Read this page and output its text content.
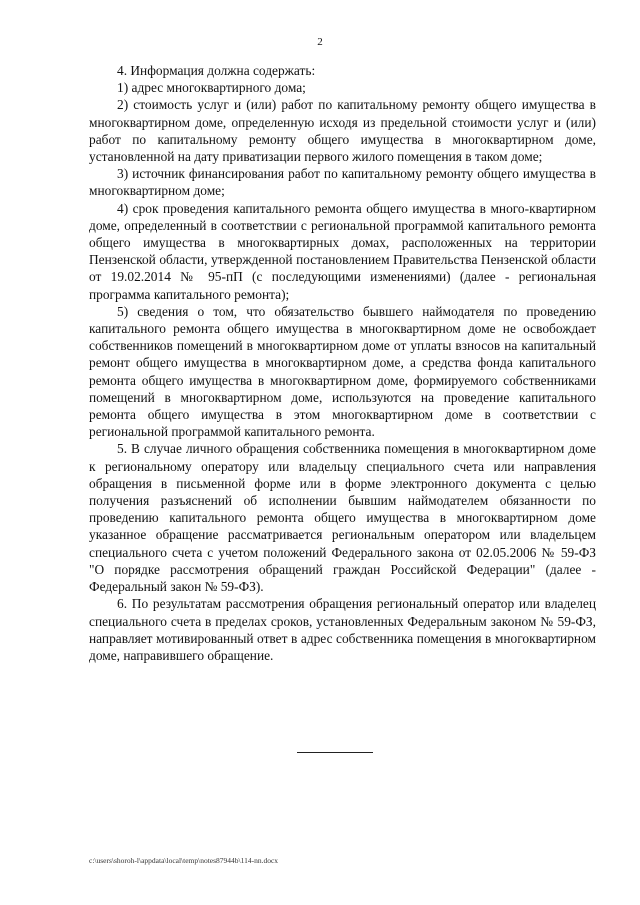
2

4. Информация должна содержать:

1) адрес многоквартирного дома;

2) стоимость услуг и (или) работ по капитальному ремонту общего имущества в многоквартирном доме, определенную исходя из предельной стоимости услуг и (или) работ по капитальному ремонту общего имущества в многоквартирном доме, установленной на дату приватизации первого жилого помещения в таком доме;

3) источник финансирования работ по капитальному ремонту общего имущества в многоквартирном доме;

4) срок проведения капитального ремонта общего имущества в много-квартирном доме, определенный в соответствии с региональной программой капитального ремонта общего имущества в многоквартирных домах, расположенных на территории Пензенской области, утвержденной постановлением Правительства Пензенской области от 19.02.2014 № 95-пП (с последующими изменениями) (далее - региональная программа капитального ремонта);

5) сведения о том, что обязательство бывшего наймодателя по проведению капитального ремонта общего имущества в многоквартирном доме не освобождает собственников помещений в многоквартирном доме от уплаты взносов на капитальный ремонт общего имущества в многоквартирном доме, а средства фонда капитального ремонта общего имущества в многоквартирном доме, формируемого собственниками помещений в многоквартирном доме, используются на проведение капитального ремонта общего имущества в этом многоквартирном доме в соответствии с региональной программой капитального ремонта.

5. В случае личного обращения собственника помещения в многоквартирном доме к региональному оператору или владельцу специального счета или направления обращения в письменной форме или в форме электронного документа с целью получения разъяснений об исполнении бывшим наймодателем обязанности по проведению капитального ремонта общего имущества в многоквартирном доме указанное обращение рассматривается региональным оператором или владельцем специального счета с учетом положений Федерального закона от 02.05.2006 № 59-ФЗ "О порядке рассмотрения обращений граждан Российской Федерации" (далее - Федеральный закон № 59-ФЗ).

6. По результатам рассмотрения обращения региональный оператор или владелец специального счета в пределах сроков, установленных Федеральным законом № 59-ФЗ, направляет мотивированный ответ в адрес собственника помещения в многоквартирном доме, направившего обращение.

c:\users\shoroh-l\appdata\local\temp\notes87944b\114-nn.docx
